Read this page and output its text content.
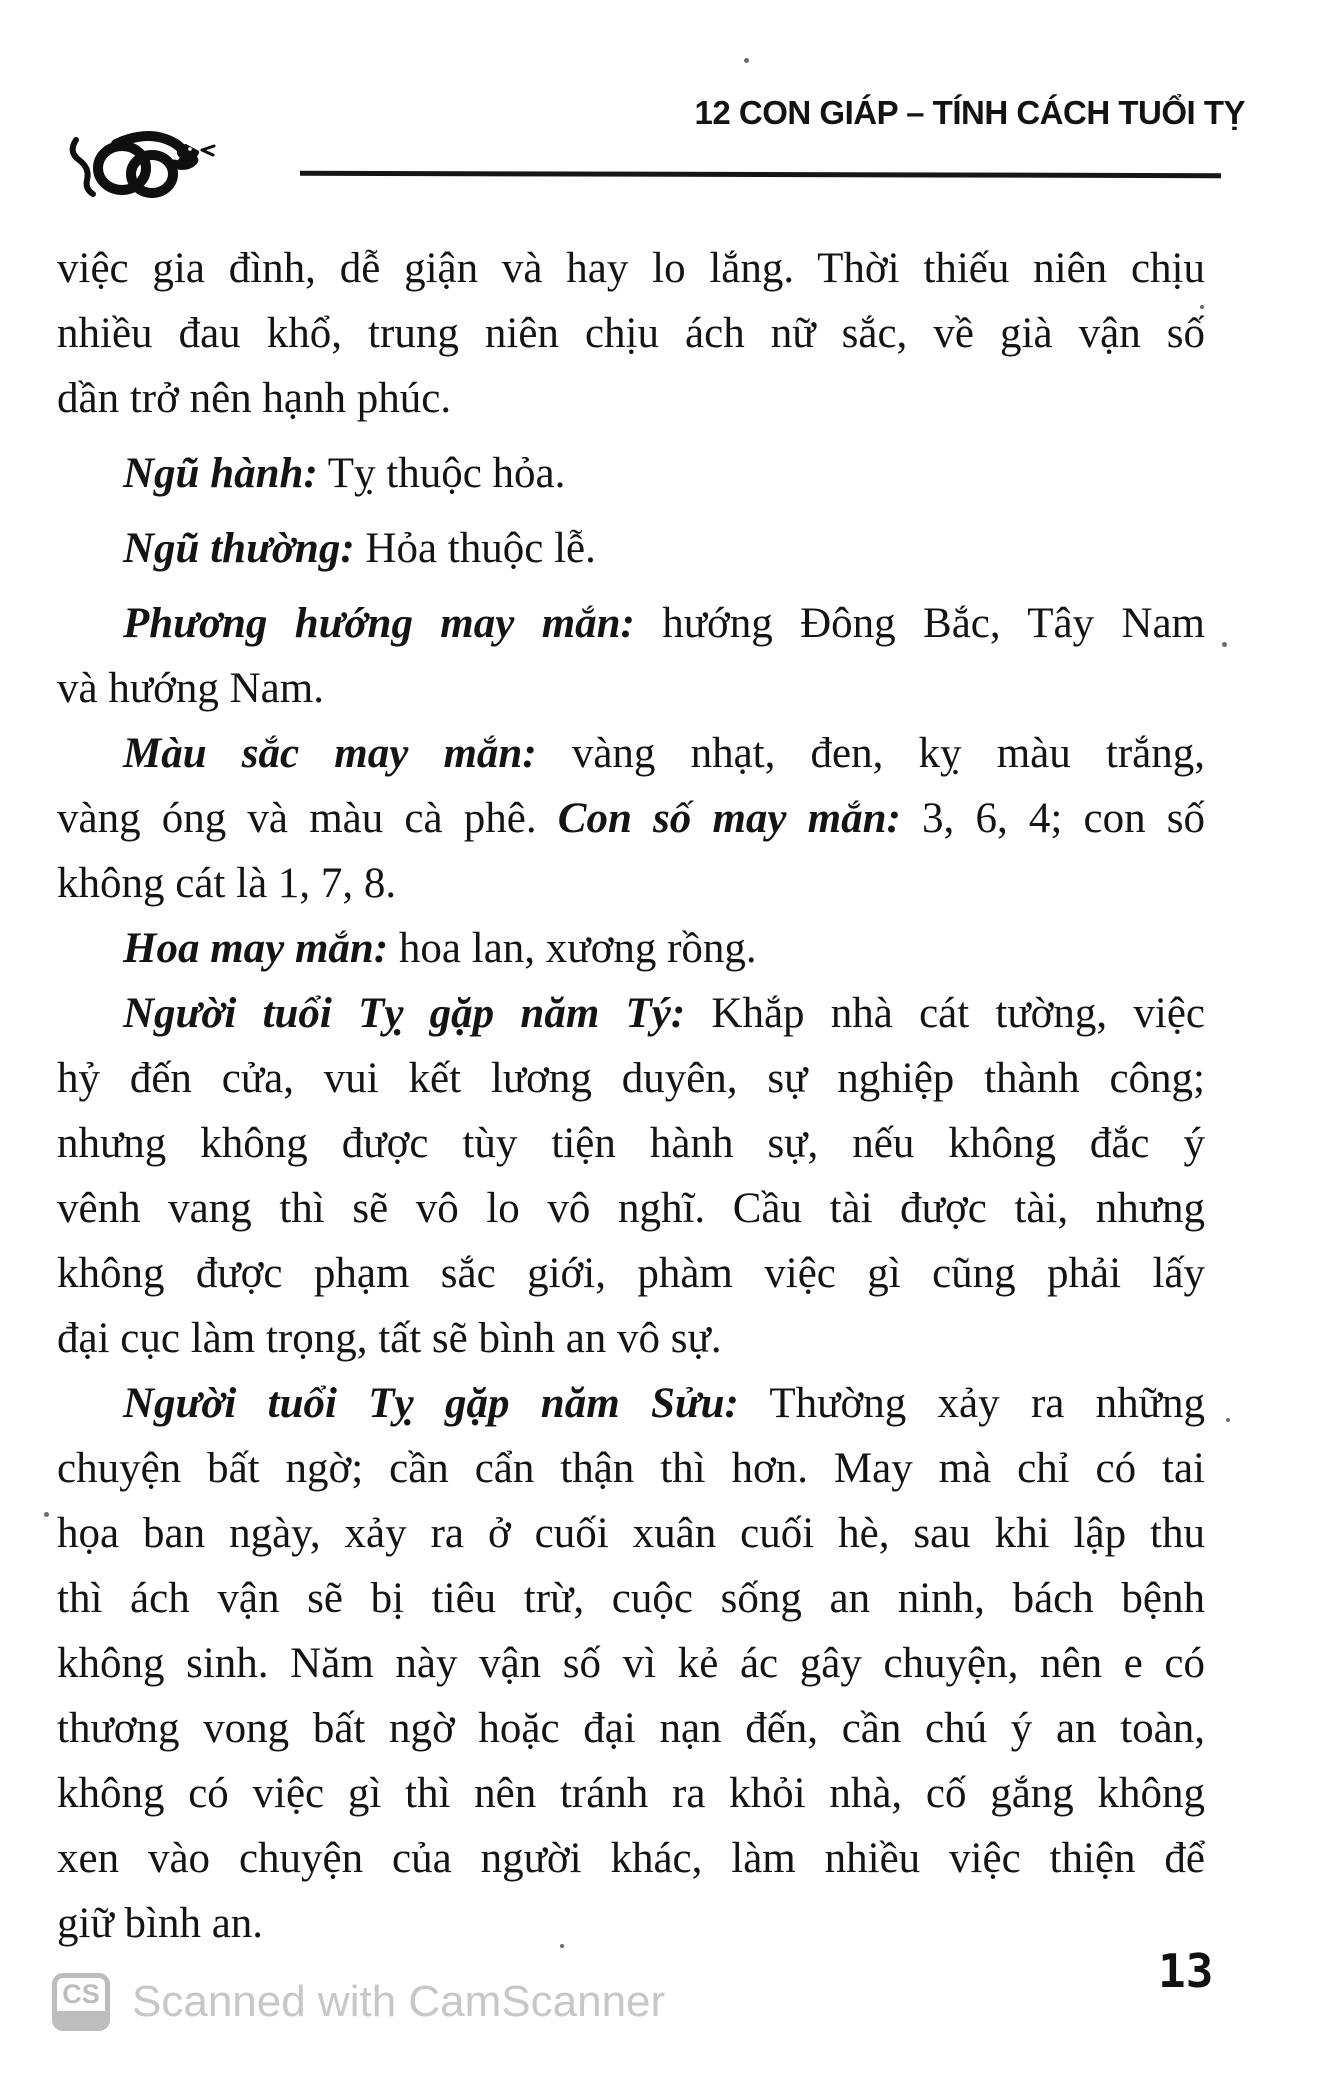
12 CON GIÁP – TÍNH CÁCH TUỔI TỴ
việc gia đình, dễ giận và hay lo lắng. Thời thiếu niên chịu
nhiều đau khổ, trung niên chịu ách nữ sắc, về già vận số
dần trở nên hạnh phúc.
Ngũ hành: Tỵ thuộc hỏa.
Ngũ thường: Hỏa thuộc lễ.
Phương hướng may mắn: hướng Đông Bắc, Tây Nam
và hướng Nam.
Màu sắc may mắn: vàng nhạt, đen, kỵ màu trắng,
vàng óng và màu cà phê. Con số may mắn: 3, 6, 4; con số
không cát là 1, 7, 8.
Hoa may mắn: hoa lan, xương rồng.
Người tuổi Tỵ gặp năm Tý: Khắp nhà cát tường, việc
hỷ đến cửa, vui kết lương duyên, sự nghiệp thành công;
nhưng không được tùy tiện hành sự, nếu không đắc ý
vênh vang thì sẽ vô lo vô nghĩ. Cầu tài được tài, nhưng
không được phạm sắc giới, phàm việc gì cũng phải lấy
đại cục làm trọng, tất sẽ bình an vô sự.
Người tuổi Tỵ gặp năm Sửu: Thường xảy ra những
chuyện bất ngờ; cần cẩn thận thì hơn. May mà chỉ có tai
họa ban ngày, xảy ra ở cuối xuân cuối hè, sau khi lập thu
thì ách vận sẽ bị tiêu trừ, cuộc sống an ninh, bách bệnh
không sinh. Năm này vận số vì kẻ ác gây chuyện, nên e có
thương vong bất ngờ hoặc đại nạn đến, cần chú ý an toàn,
không có việc gì thì nên tránh ra khỏi nhà, cố gắng không
xen vào chuyện của người khác, làm nhiều việc thiện để
giữ bình an.
13
CS Scanned with CamScanner
